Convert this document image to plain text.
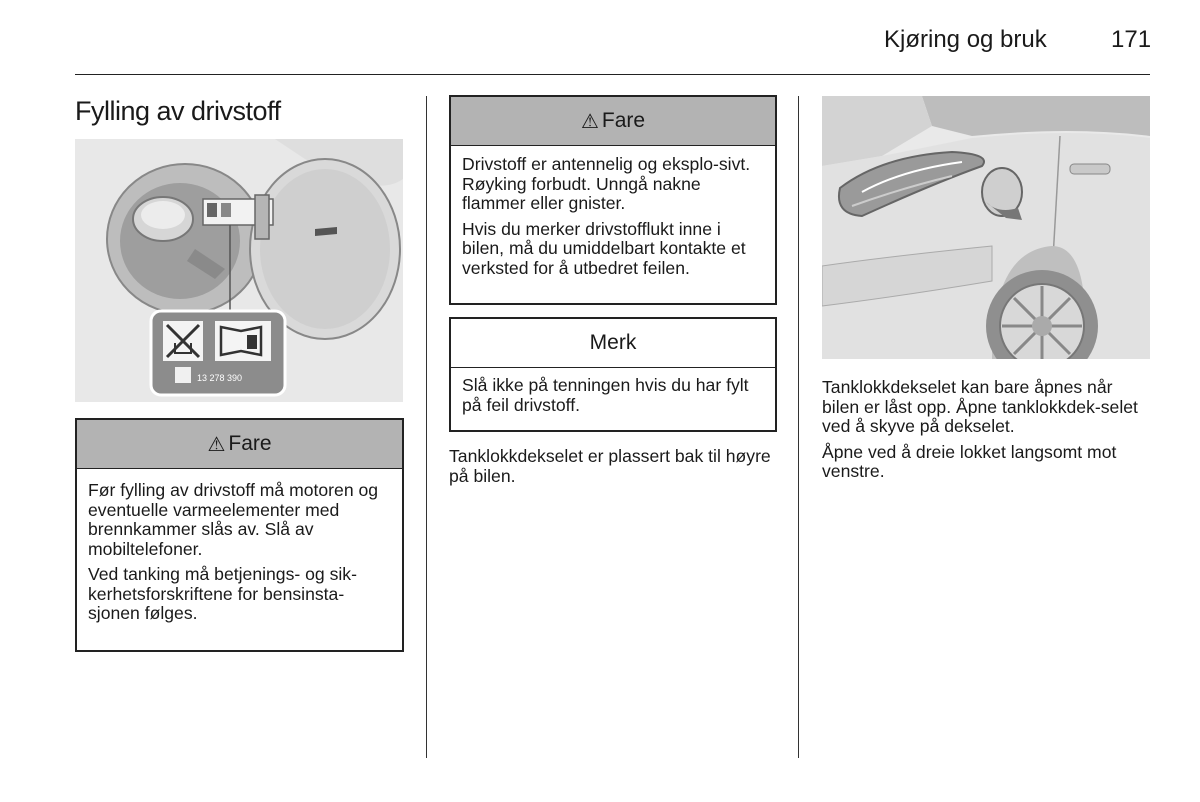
Kjøring og bruk	171
Fylling av drivstoff
13 278 390
⚠ Fare

Før fylling av drivstoff må motoren og eventuelle varmeelementer med brennkammer slås av. Slå av mobiltelefoner.

Ved tanking må betjenings- og sik-kerhetsforskriftene for bensinsta-sjonen følges.

⚠ Fare

Drivstoff er antennelig og eksplo-sivt. Røyking forbudt. Unngå nakne flammer eller gnister.

Hvis du merker drivstofflukt inne i bilen, må du umiddelbart kontakte et verksted for å utbedret feilen.

Merk

Slå ikke på tenningen hvis du har fylt på feil drivstoff.

Tanklokkdekselet er plassert bak til høyre på bilen.

Tanklokkdekselet kan bare åpnes når bilen er låst opp. Åpne tanklokkdek-selet ved å skyve på dekselet.

Åpne ved å dreie lokket langsomt mot venstre.
